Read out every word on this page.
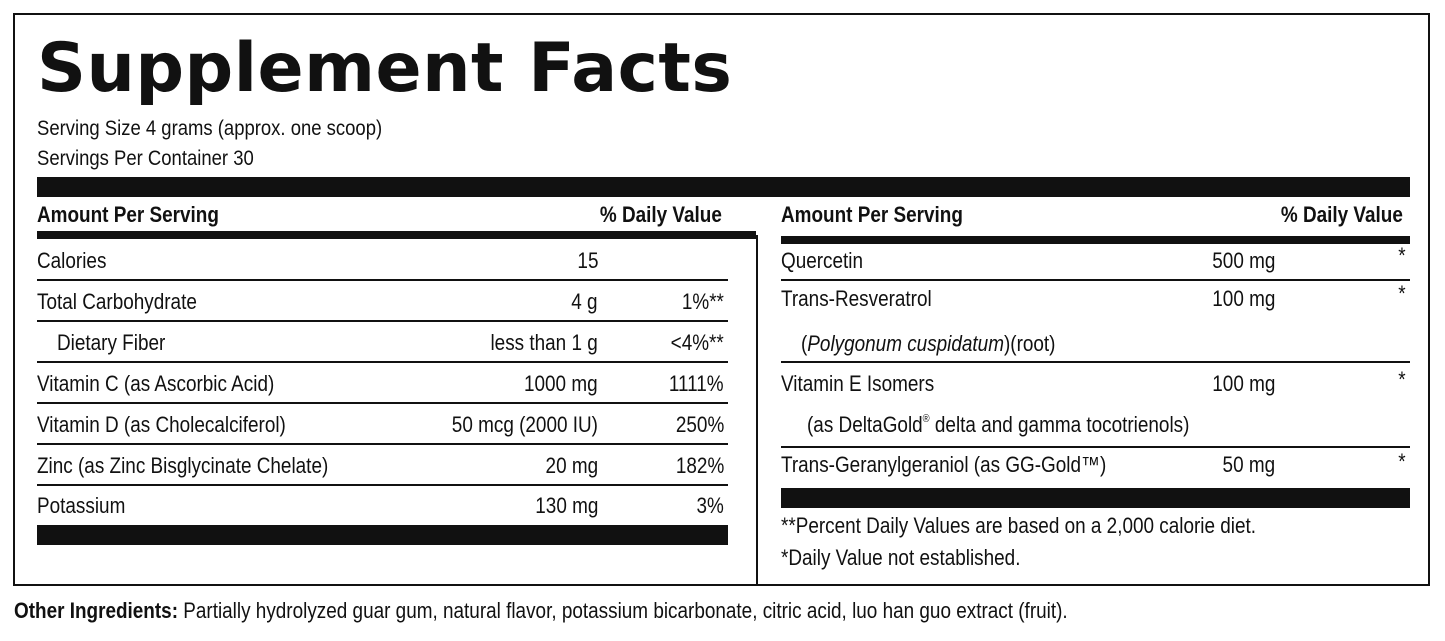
Supplement Facts
Serving Size 4 grams (approx. one scoop)
Servings Per Container 30
Amount Per Serving	% Daily Value	Amount Per Serving	% Daily Value
Calories	15
Total Carbohydrate	4 g	1%**
Dietary Fiber	less than 1 g	<4%**
Vitamin C (as Ascorbic Acid)	1000 mg	1111%
Vitamin D (as Cholecalciferol)	50 mcg (2000 IU)	250%
Zinc (as Zinc Bisglycinate Chelate)	20 mg	182%
Potassium	130 mg	3%
Quercetin	500 mg	*
Trans-Resveratrol	100 mg	*
(Polygonum cuspidatum)(root)
Vitamin E Isomers	100 mg	*
(as DeltaGold® delta and gamma tocotrienols)
Trans-Geranylgeraniol (as GG-Gold™)	50 mg	*
**Percent Daily Values are based on a 2,000 calorie diet.
*Daily Value not established.
Other Ingredients: Partially hydrolyzed guar gum, natural flavor, potassium bicarbonate, citric acid, luo han guo extract (fruit).
